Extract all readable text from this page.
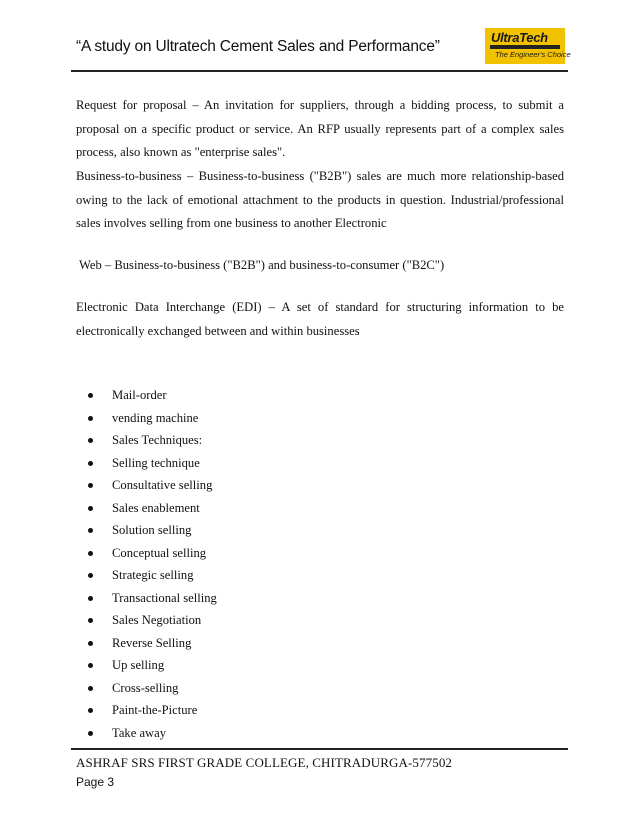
“A study on Ultratech Cement Sales and Performance”
UltraTech
The Engineer's Choice
Request for proposal – An invitation for suppliers, through a bidding process, to submit a proposal on a specific product or service. An RFP usually represents part of a complex sales process, also known as "enterprise sales".
Business-to-business – Business-to-business ("B2B") sales are much more relationship-based owing to the lack of emotional attachment to the products in question. Industrial/professional sales involves selling from one business to another Electronic
Web – Business-to-business ("B2B") and business-to-consumer ("B2C")
Electronic Data Interchange (EDI) – A set of standard for structuring information to be electronically exchanged between and within businesses
Mail-order
vending machine
Sales Techniques:
Selling technique
Consultative selling
Sales enablement
Solution selling
Conceptual selling
Strategic selling
Transactional selling
Sales Negotiation
Reverse Selling
Up selling
Cross-selling
Paint-the-Picture
Take away
ASHRAF SRS FIRST GRADE COLLEGE, CHITRADURGA-577502
Page 3
